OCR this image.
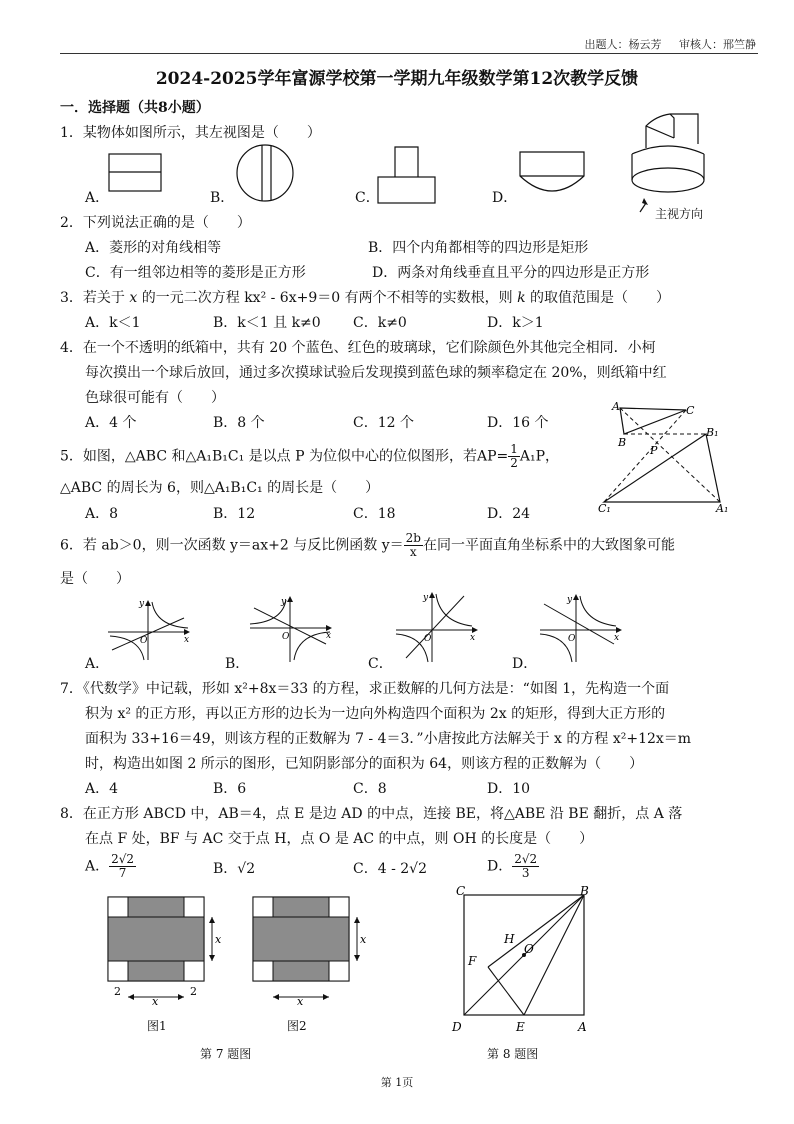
出题人：杨云芳 审核人：邢竺静
2024-2025学年富源学校第一学期九年级数学第12次教学反馈
一．选择题（共8小题）
1．某物体如图所示，其左视图是（　　）
A．	B．	C．	D．
主视方向
2．下列说法正确的是（　　）
A．菱形的对角线相等	B．四个内角都相等的四边形是矩形
C．有一组邻边相等的菱形是正方形	D．两条对角线垂直且平分的四边形是正方形
3．若关于 x 的一元二次方程 kx² - 6x+9＝0 有两个不相等的实数根，则 k 的取值范围是（　　）
A．k＜1	B．k＜1 且 k≠0 C．k≠0	D．k＞1
4．在一个不透明的纸箱中，共有 20 个蓝色、红色的玻璃球，它们除颜色外其他完全相同．小柯
每次摸出一个球后放回，通过多次摸球试验后发现摸到蓝色球的频率稳定在 20%，则纸箱中红
色球很可能有（　　）
A．4 个	B．8 个	C．12 个	D．16 个
A	C
B
B₁
P
C₁	A₁
5．如图，△ABC 和△A₁B₁C₁ 是以点 P 为位似中心的位似图形，若$AP= \frac{1}{2} A_1P$，
△ABC 的周长为 6，则△A₁B₁C₁ 的周长是（　　）
A．8	B．12	C．18	D．24
6．若 ab＞0，则一次函数 y＝ax+2 与反比例函数 $y= \frac{2b}{x}$ 在同一平面直角坐标系中的大致图象可能
是（　　）
A．	B．	C．	D．
O	x
y
O	x
y
O	x
y
O	x
y
7．《代数学》中记载，形如 x²+8x＝33 的方程，求正数解的几何方法是：“如图 1，先构造一个面
积为 x² 的正方形，再以正方形的边长为一边向外构造四个面积为 2x 的矩形，得到大正方形的
面积为 33+16＝49，则该方程的正数解为 7 - 4＝3．”小唐按此方法解关于 x 的方程 x²+12x＝m
时，构造出如图 2 所示的图形，已知阴影部分的面积为 64，则该方程的正数解为（　　）
A．4	B．6	C．8	D．10
8．在正方形 ABCD 中，AB＝4，点 E 是边 AD 的中点，连接 BE，将△ABE 沿 BE 翻折，点 A 落
在点 F 处，BF 与 AC 交于点 H，点 O 是 AC 的中点，则 OH 的长度是（　　）
A． $\frac{2√2}{7}$	B．√2	C．4 - 2√2	D． $\frac{2√2}{3}$
x
x
2	2
图1
x
x
图2
第 7 题图
C	B
H
O
F
D	E	A
第 8 题图
第 1页
